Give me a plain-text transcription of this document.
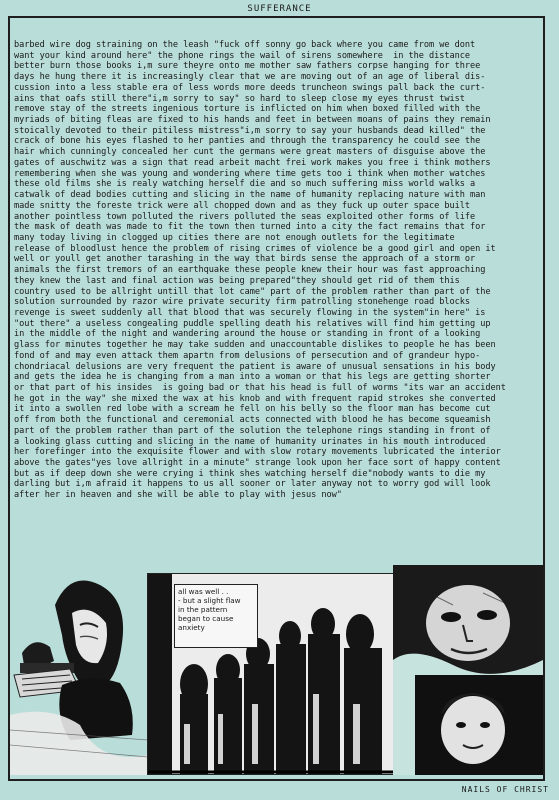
SUFFERANCE
barbed wire dog straining on the leash "fuck off sonny go back where you came from we dont
want your kind around here" the phone rings the wail of sirens somewhere  in the distance
better burn those books i,m sure theyre onto me mother saw fathers corpse hanging for three
days he hung there it is increasingly clear that we are moving out of an age of liberal dis-
cussion into a less stable era of less words more deeds truncheon swings pall back the curt-
ains that oafs still there"i,m sorry to say" so hard to sleep close my eyes thrust twist
remove stay of the streets ingenious torture is inflicted on him when boxed filled with the
myriads of biting fleas are fixed to his hands and feet in between moans of pains they remain
stoically devoted to their pitiless mistress"i,m sorry to say your husbands dead killed" the
crack of bone his eyes flashed to her panties and through the transparency he could see the
hair which cunningly concealed her cunt the germans were great masters of disguise above the
gates of auschwitz was a sign that read arbeit macht frei work makes you free i think mothers
remembering when she was young and wondering where time gets too i think when mother watches
these old films she is realy watching herself die and so much suffering miss world walks a
catwalk of dead bodies cutting and slicing in the name of humanity replacing nature with man
made snitty the foreste trick were all chopped down and as they fuck up outer space built
another pointless town polluted the rivers polluted the seas exploited other forms of life
the mask of death was made to fit the town then turned into a city the fact remains that for
many today living in clogged up cities there are not enough outlets for the legitimate
release of bloodlust hence the problem of rising crimes of violence be a good girl and open it
well or youll get another tarashing in the way that birds sense the approach of a storm or
animals the first tremors of an earthquake these people knew their hour was fast approaching
they knew the last and final action was being prepared"they should get rid of them this
country used to be allright untill that lot came" part of the problem rather than part of the
solution surrounded by razor wire private security firm patrolling stonehenge road blocks
revenge is sweet suddenly all that blood that was securely flowing in the system"in here" is
"out there" a useless congealing puddle spelling death his relatives will find him getting up
in the middle of the night and wandering around the house or standing in front of a looking
glass for minutes together he may take sudden and unaccountable dislikes to people he has been
fond of and may even attack them apartn from delusions of persecution and of grandeur hypo-
chondriacal delusions are very frequent the patient is aware of unusual sensations in his body
and gets the idea he is changing from a man into a woman or that his legs are getting shorter
or that part of his insides  is going bad or that his head is full of worms "its war an accident
he got in the way" she mixed the wax at his knob and with frequent rapid strokes she converted
it into a swollen red lobe with a scream he fell on his belly so the floor man has become cut
off from both the functional and ceremonial acts connected with blood he has become squeamish
part of the problem rather than part of the solution the telephone rings standing in front of
a looking glass cutting and slicing in the name of humanity urinates in his mouth introduced
her forefinger into the exquisite flower and with slow rotary movements lubricated the interior
above the gates"yes love allright in a minute" strange look upon her face sort of happy content
but as if deep down she were crying i think shes watching herself die"nobody wants to die my
darling but i,m afraid it happens to us all sooner or later anyway not to worry god will look
after her in heaven and she will be able to play with jesus now"
all was well . .
- but a slight flaw
in the pattern
began to cause
anxiety
NAILS OF CHRIST
